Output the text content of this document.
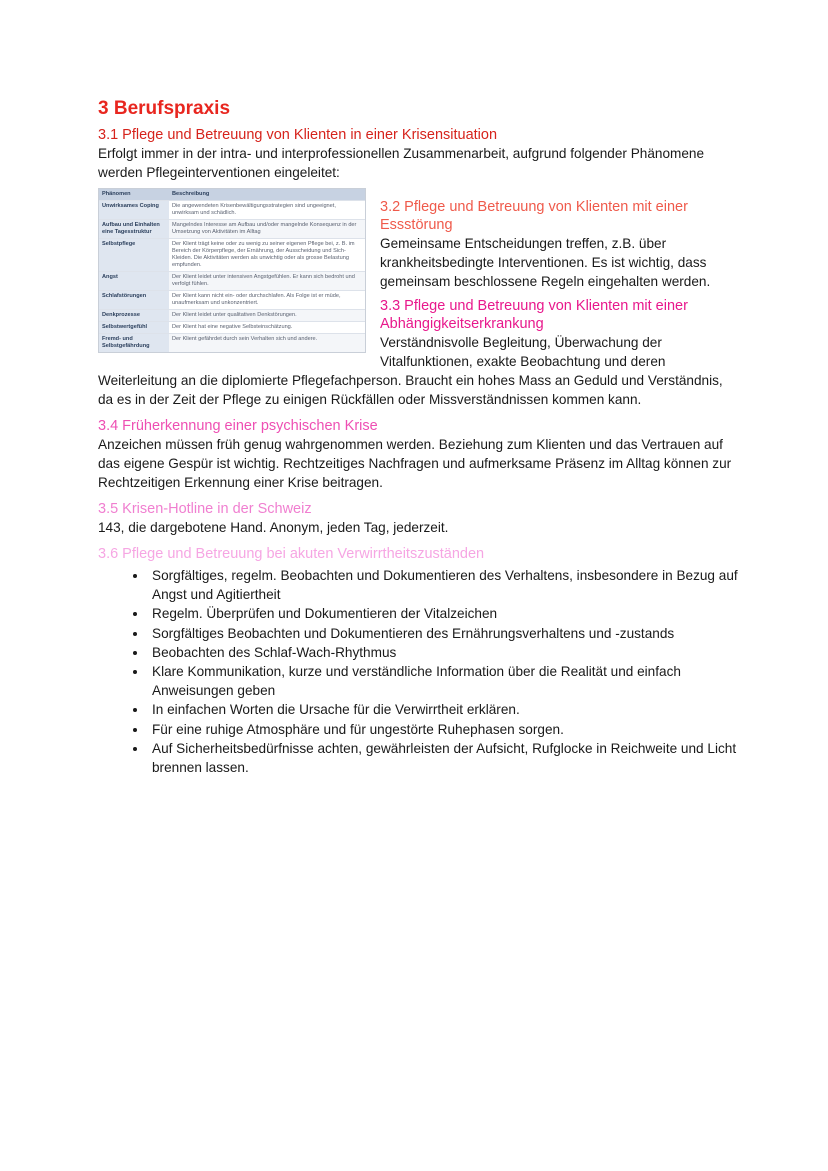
3 Berufspraxis
3.1 Pflege und Betreuung von Klienten in einer Krisensituation

Erfolgt immer in der intra- und interprofessionellen Zusammenarbeit, aufgrund folgender Phänomene werden Pflegeinterventionen eingeleitet:

Phänomen	Beschreibung
Unwirksames Coping	Die angewendeten Krisenbewältigungsstrategien sind ungeeignet, unwirksam und schädlich.
Aufbau und Einhalten eine Tagesstruktur	Mangelndes Interesse am Aufbau und/oder mangelnde Konsequenz in der Umsetzung von Aktivitäten im Alltag
Selbstpflege	Der Klient trägt keine oder zu wenig zu seiner eigenen Pflege bei, z. B. im Bereich der Körperpflege, der Ernährung, der Ausscheidung und Sich-Kleiden. Die Aktivitäten werden als unwichtig oder als grosse Belastung empfunden.
Angst	Der Klient leidet unter intensiven Angstgefühlen. Er kann sich bedroht und verfolgt fühlen.
Schlafstörungen	Der Klient kann nicht ein- oder durchschlafen. Als Folge ist er müde, unaufmerksam und unkonzentriert.
Denkprozesse	Der Klient leidet unter qualitativen Denkstörungen.
Selbstwertgefühl	Der Klient hat eine negative Selbsteinschätzung.
Fremd- und Selbstgefährdung	Der Klient gefährdet durch sein Verhalten sich und andere.
3.2 Pflege und Betreuung von Klienten mit einer Essstörung

Gemeinsame Entscheidungen treffen, z.B. über krankheitsbedingte Interventionen. Es ist wichtig, dass gemeinsam beschlossene Regeln eingehalten werden.

3.3 Pflege und Betreuung von Klienten mit einer Abhängigkeitserkrankung

Verständnisvolle Begleitung, Überwachung der Vitalfunktionen, exakte Beobachtung und deren Weiterleitung an die diplomierte Pflegefachperson. Braucht ein hohes Mass an Geduld und Verständnis, da es in der Zeit der Pflege zu einigen Rückfällen oder Missverständnissen kommen kann.

3.4 Früherkennung einer psychischen Krise

Anzeichen müssen früh genug wahrgenommen werden. Beziehung zum Klienten und das Vertrauen auf das eigene Gespür ist wichtig. Rechtzeitiges Nachfragen und aufmerksame Präsenz im Alltag können zur Rechtzeitigen Erkennung einer Krise beitragen.

3.5 Krisen-Hotline in der Schweiz

143, die dargebotene Hand. Anonym, jeden Tag, jederzeit.

3.6 Pflege und Betreuung bei akuten Verwirrtheitszuständen
• Sorgfältiges, regelm. Beobachten und Dokumentieren des Verhaltens, insbesondere in Bezug auf Angst und Agitiertheit
• Regelm. Überprüfen und Dokumentieren der Vitalzeichen
• Sorgfältiges Beobachten und Dokumentieren des Ernährungsverhaltens und -zustands
• Beobachten des Schlaf-Wach-Rhythmus
• Klare Kommunikation, kurze und verständliche Information über die Realität und einfach Anweisungen geben
• In einfachen Worten die Ursache für die Verwirrtheit erklären.
• Für eine ruhige Atmosphäre und für ungestörte Ruhephasen sorgen.
• Auf Sicherheitsbedürfnisse achten, gewährleisten der Aufsicht, Rufglocke in Reichweite und Licht brennen lassen.
